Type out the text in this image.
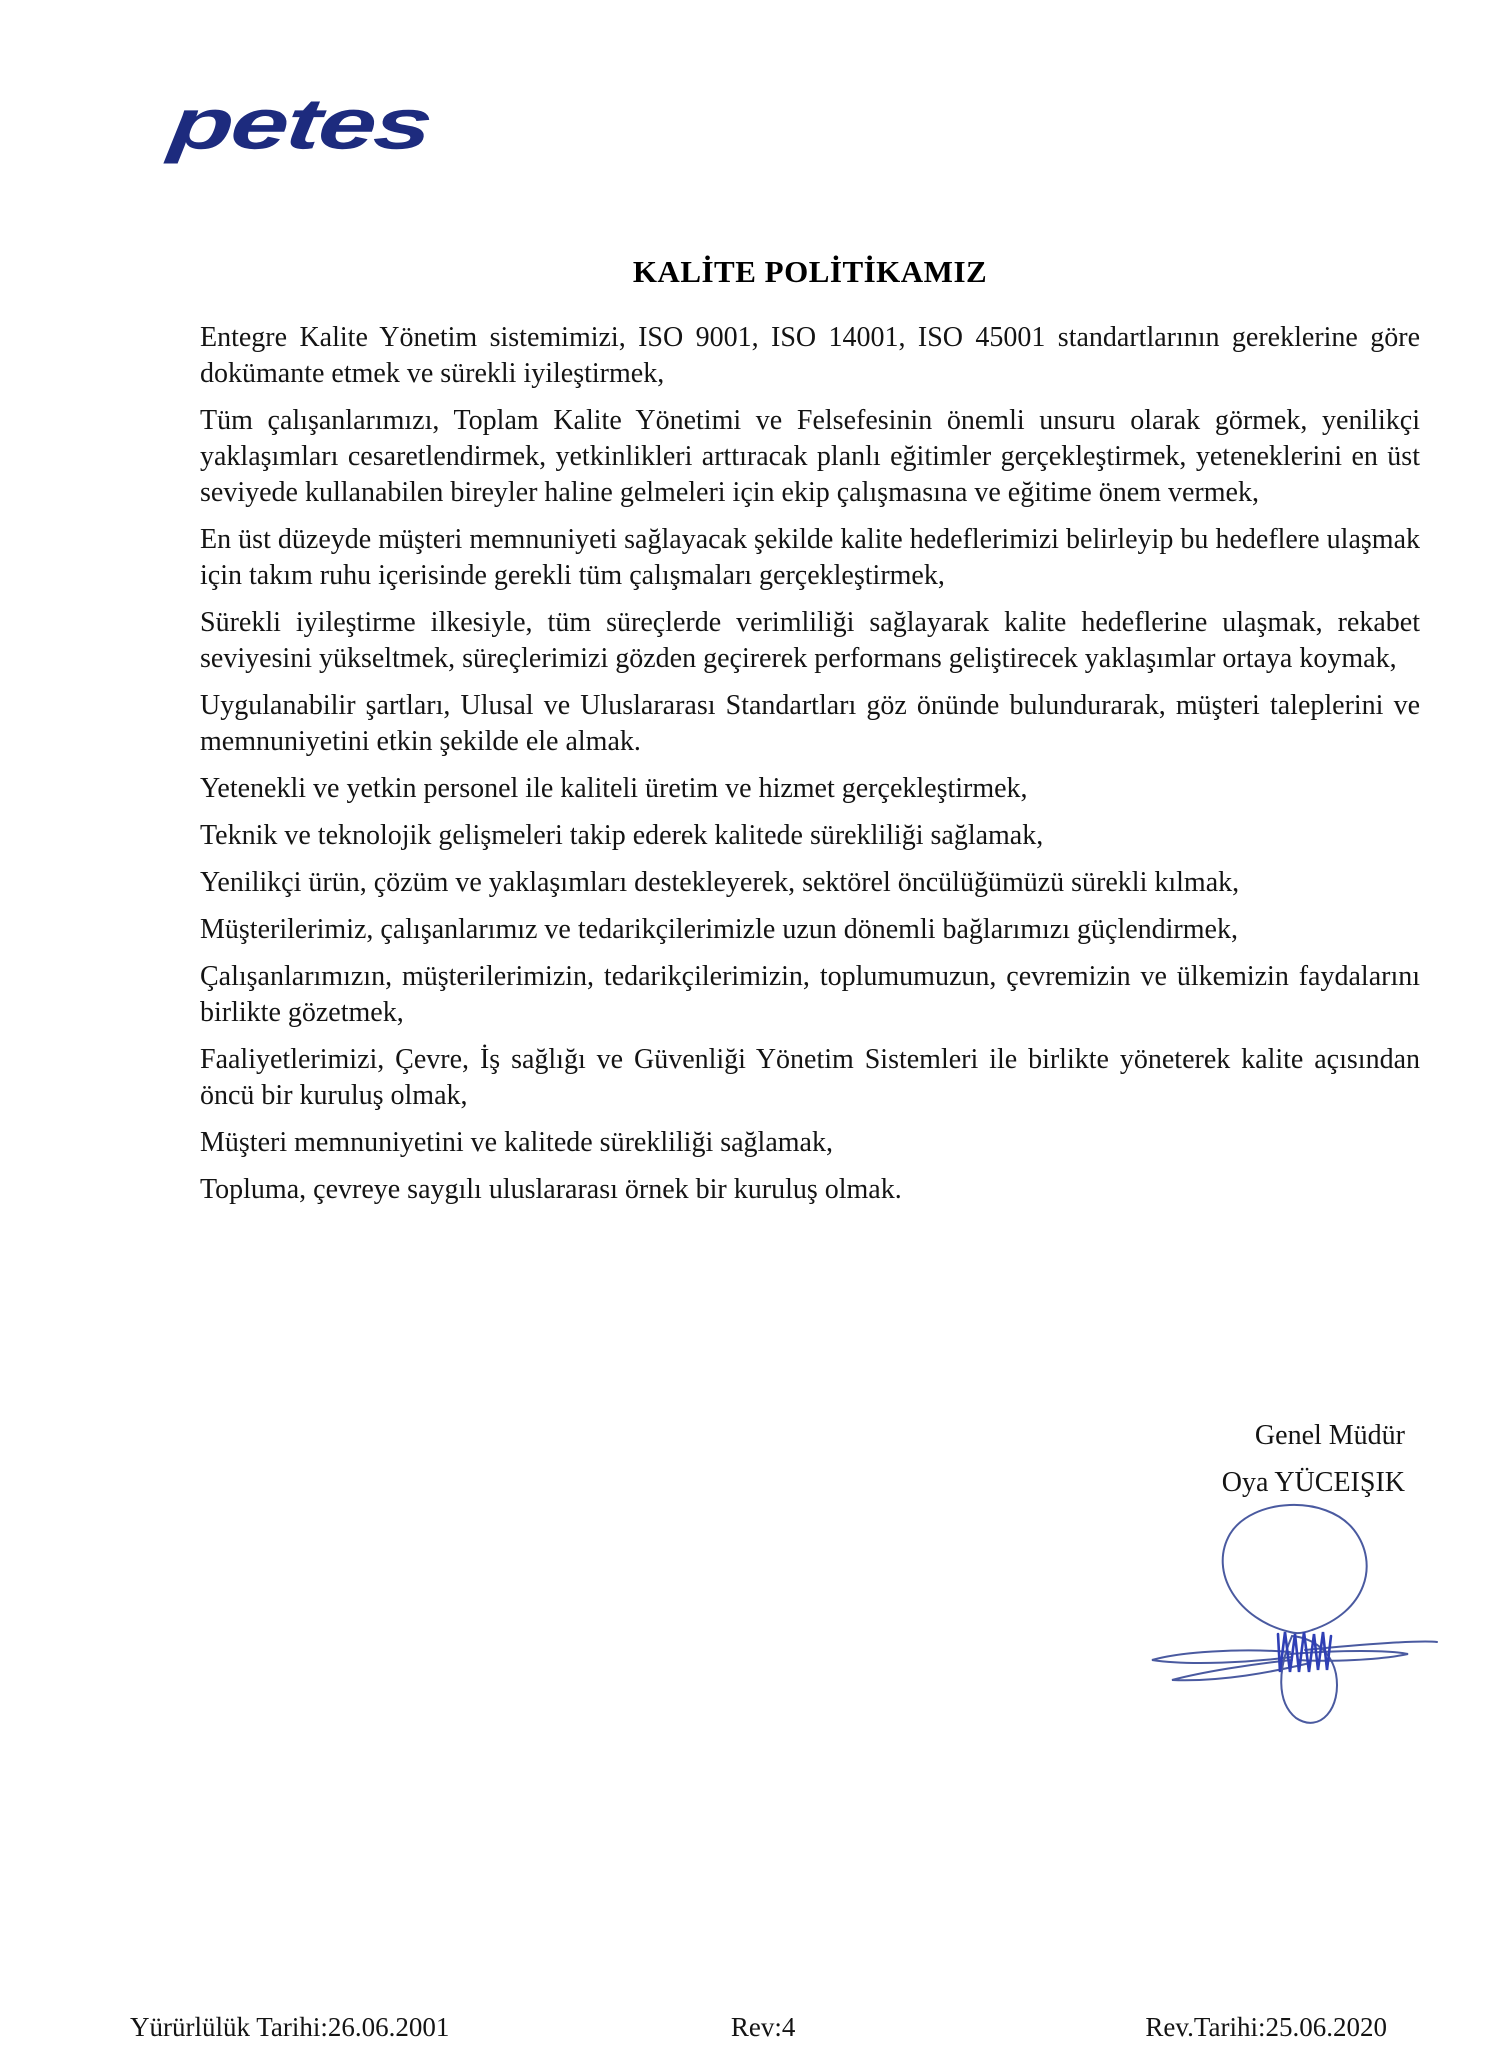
petes
KALİTE POLİTİKAMIZ

Entegre Kalite Yönetim sistemimizi, ISO 9001, ISO 14001, ISO 45001 standartlarının gereklerine göre dokümante etmek ve sürekli iyileştirmek,

Tüm çalışanlarımızı, Toplam Kalite Yönetimi ve Felsefesinin önemli unsuru olarak görmek, yenilikçi yaklaşımları cesaretlendirmek, yetkinlikleri arttıracak planlı eğitimler gerçekleştirmek, yeteneklerini en üst seviyede kullanabilen bireyler haline gelmeleri için ekip çalışmasına ve eğitime önem vermek,

En üst düzeyde müşteri memnuniyeti sağlayacak şekilde kalite hedeflerimizi belirleyip bu hedeflere ulaşmak için takım ruhu içerisinde gerekli tüm çalışmaları gerçekleştirmek,

Sürekli iyileştirme ilkesiyle, tüm süreçlerde verimliliği sağlayarak kalite hedeflerine ulaşmak, rekabet seviyesini yükseltmek, süreçlerimizi gözden geçirerek performans geliştirecek yaklaşımlar ortaya koymak,

Uygulanabilir şartları, Ulusal ve Uluslararası Standartları göz önünde bulundurarak, müşteri taleplerini ve memnuniyetini etkin şekilde ele almak.

Yetenekli ve yetkin personel ile kaliteli üretim ve hizmet gerçekleştirmek,

Teknik ve teknolojik gelişmeleri takip ederek kalitede sürekliliği sağlamak,

Yenilikçi ürün, çözüm ve yaklaşımları destekleyerek, sektörel öncülüğümüzü sürekli kılmak,

Müşterilerimiz, çalışanlarımız ve tedarikçilerimizle uzun dönemli bağlarımızı güçlendirmek,

Çalışanlarımızın, müşterilerimizin, tedarikçilerimizin, toplumumuzun, çevremizin ve ülkemizin faydalarını birlikte gözetmek,

Faaliyetlerimizi, Çevre, İş sağlığı ve Güvenliği Yönetim Sistemleri ile birlikte yöneterek kalite açısından öncü bir kuruluş olmak,

Müşteri memnuniyetini ve kalitede sürekliliği sağlamak,

Topluma, çevreye saygılı uluslararası örnek bir kuruluş olmak.

Genel Müdür
Oya YÜCEIŞIK
Yürürlülük Tarihi:26.06.2001	Rev:4	Rev.Tarihi:25.06.2020
